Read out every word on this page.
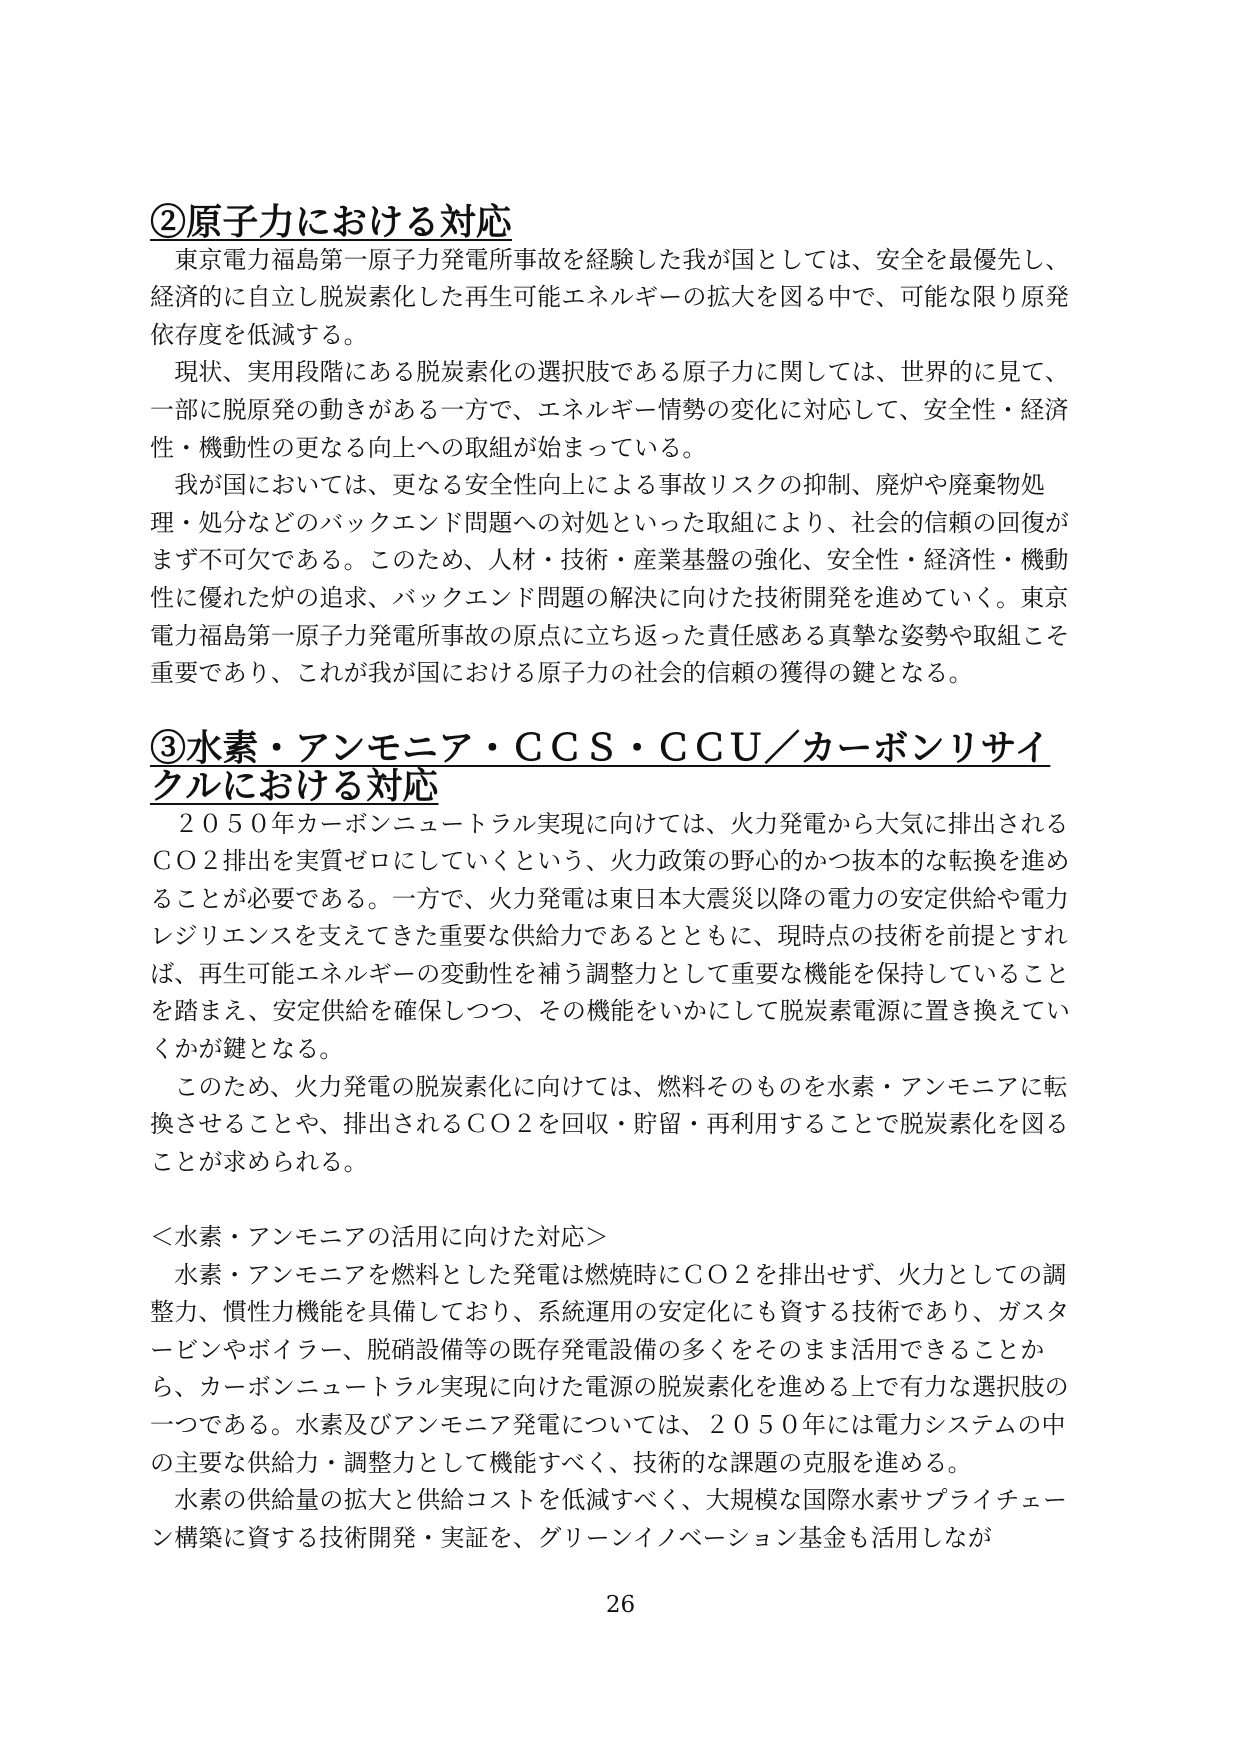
②原子力における対応

　東京電力福島第一原子力発電所事故を経験した我が国としては、安全を最優先し、経済的に自立し脱炭素化した再生可能エネルギーの拡大を図る中で、可能な限り原発依存度を低減する。

　現状、実用段階にある脱炭素化の選択肢である原子力に関しては、世界的に見て、一部に脱原発の動きがある一方で、エネルギー情勢の変化に対応して、安全性・経済性・機動性の更なる向上への取組が始まっている。

　我が国においては、更なる安全性向上による事故リスクの抑制、廃炉や廃棄物処理・処分などのバックエンド問題への対処といった取組により、社会的信頼の回復がまず不可欠である。このため、人材・技術・産業基盤の強化、安全性・経済性・機動性に優れた炉の追求、バックエンド問題の解決に向けた技術開発を進めていく。東京電力福島第一原子力発電所事故の原点に立ち返った責任感ある真摯な姿勢や取組こそ重要であり、これが我が国における原子力の社会的信頼の獲得の鍵となる。

③水素・アンモニア・ＣＣＳ・ＣＣＵ／カーボンリサイクルにおける対応

　２０５０年カーボンニュートラル実現に向けては、火力発電から大気に排出されるＣＯ２排出を実質ゼロにしていくという、火力政策の野心的かつ抜本的な転換を進めることが必要である。一方で、火力発電は東日本大震災以降の電力の安定供給や電力レジリエンスを支えてきた重要な供給力であるとともに、現時点の技術を前提とすれば、再生可能エネルギーの変動性を補う調整力として重要な機能を保持していることを踏まえ、安定供給を確保しつつ、その機能をいかにして脱炭素電源に置き換えていくかが鍵となる。

　このため、火力発電の脱炭素化に向けては、燃料そのものを水素・アンモニアに転換させることや、排出されるＣＯ２を回収・貯留・再利用することで脱炭素化を図ることが求められる。

＜水素・アンモニアの活用に向けた対応＞

　水素・アンモニアを燃料とした発電は燃焼時にＣＯ２を排出せず、火力としての調整力、慣性力機能を具備しており、系統運用の安定化にも資する技術であり、ガスタービンやボイラー、脱硝設備等の既存発電設備の多くをそのまま活用できることから、カーボンニュートラル実現に向けた電源の脱炭素化を進める上で有力な選択肢の一つである。水素及びアンモニア発電については、２０５０年には電力システムの中の主要な供給力・調整力として機能すべく、技術的な課題の克服を進める。

　水素の供給量の拡大と供給コストを低減すべく、大規模な国際水素サプライチェーン構築に資する技術開発・実証を、グリーンイノベーション基金も活用しなが

26
